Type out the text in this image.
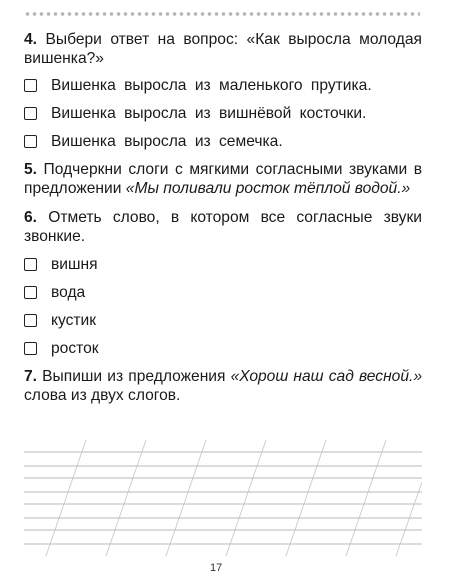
4. Выбери ответ на вопрос: «Как выросла молодая вишенка?»
Вишенка выросла из маленького прутика.
Вишенка выросла из вишнёвой косточки.
Вишенка выросла из семечка.
5. Подчеркни слоги с мягкими согласными звуками в предложении «Мы поливали росток тёплой водой.»
6. Отметь слово, в котором все согласные звуки звонкие.
вишня
вода
кустик
росток
7. Выпиши из предложения «Хорош наш сад весной.» слова из двух слогов.
17
